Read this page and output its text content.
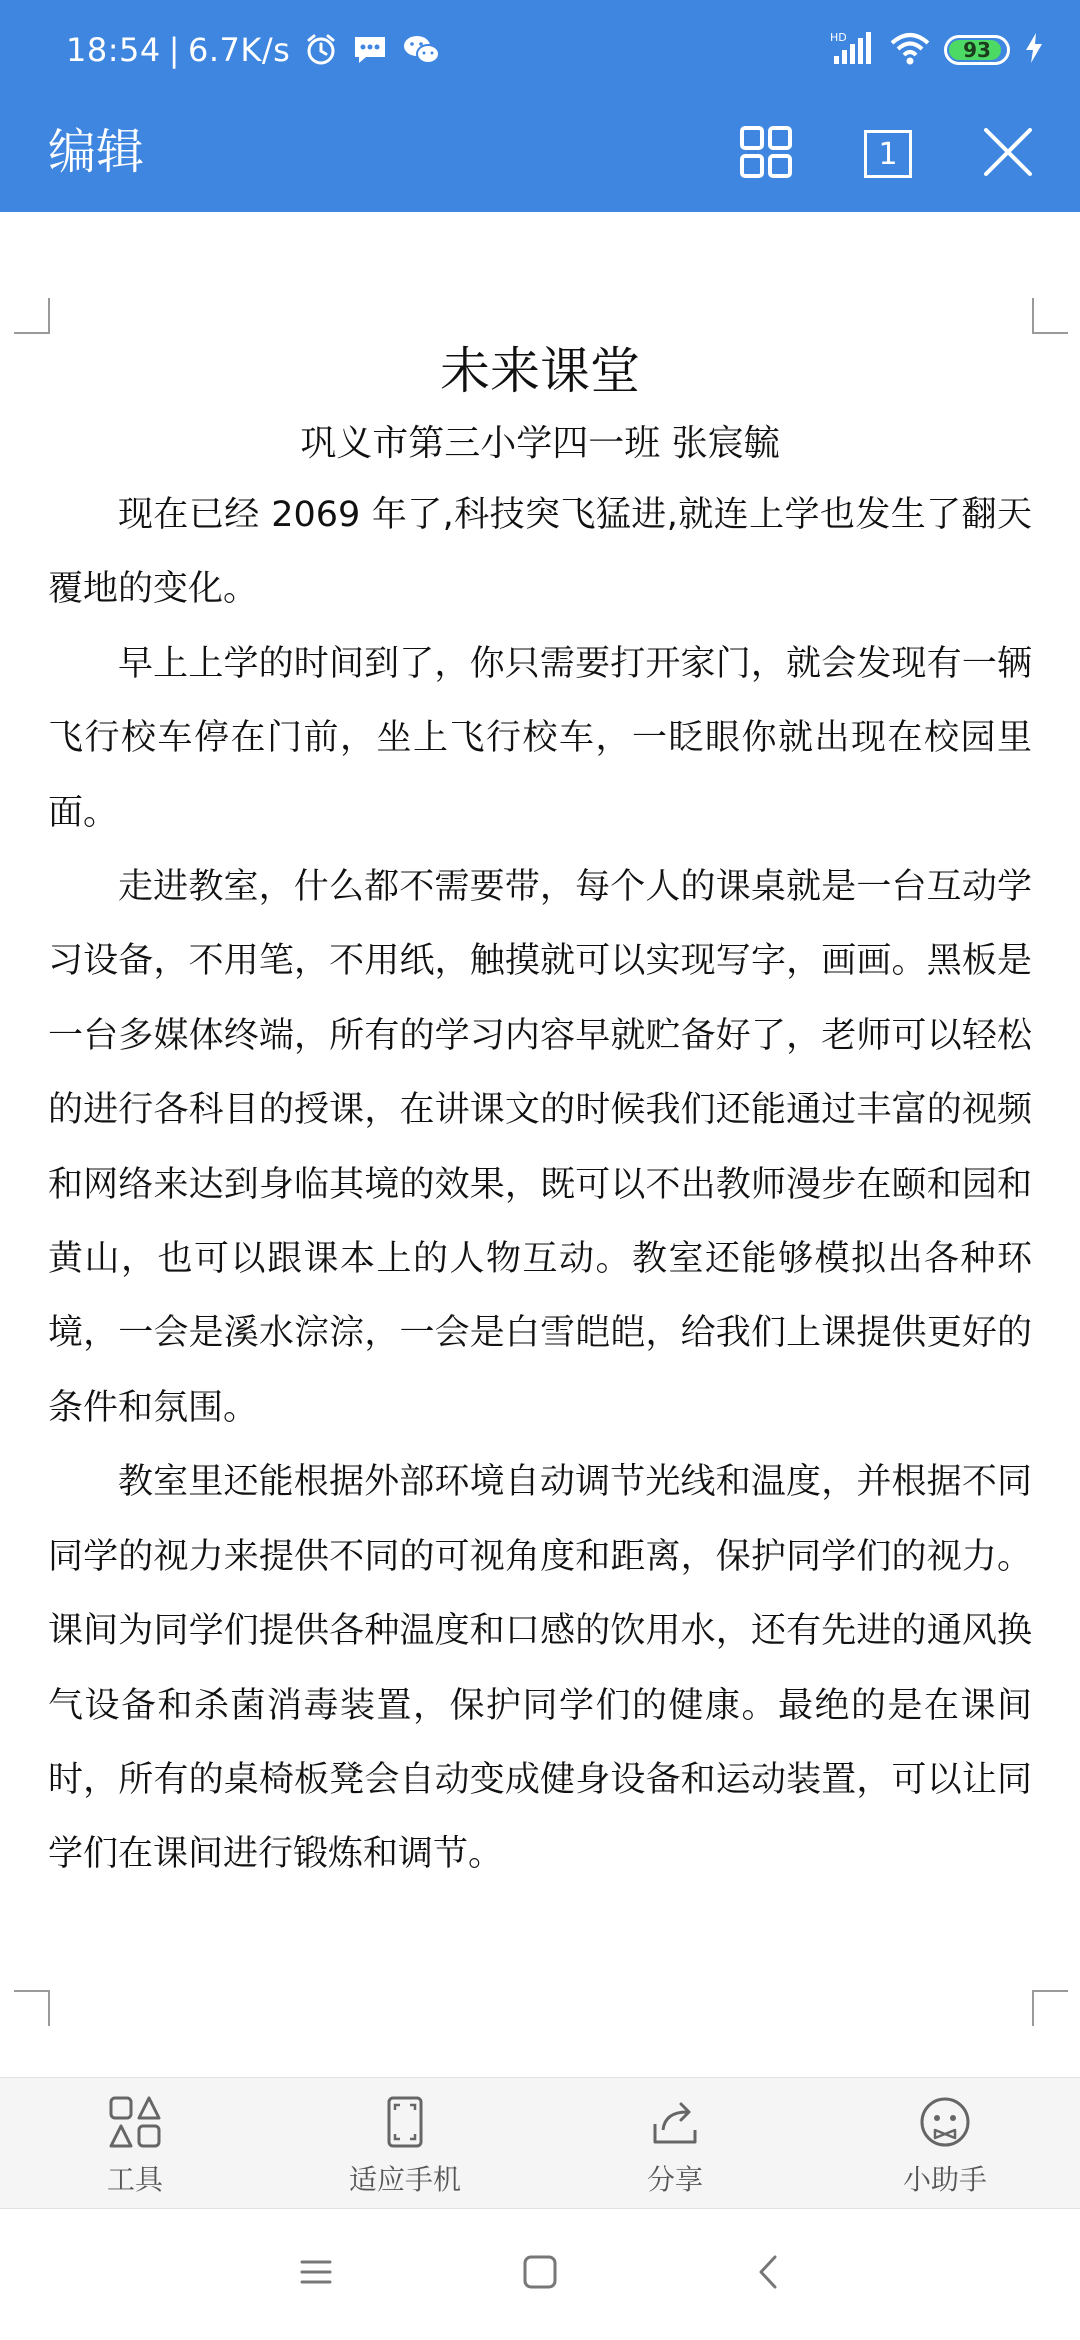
18:54 | 6.7K/s	HD
93
编辑	1
未来课堂
巩义市第三小学四一班 张宸毓

现在已经 2069 年了,科技突飞猛进,就连上学也发生了翻天覆地的变化。

早上上学的时间到了，你只需要打开家门，就会发现有一辆飞行校车停在门前，坐上飞行校车，一眨眼你就出现在校园里面。

走进教室，什么都不需要带，每个人的课桌就是一台互动学习设备，不用笔，不用纸，触摸就可以实现写字，画画。黑板是一台多媒体终端，所有的学习内容早就贮备好了，老师可以轻松的进行各科目的授课，在讲课文的时候我们还能通过丰富的视频和网络来达到身临其境的效果，既可以不出教师漫步在颐和园和黄山，也可以跟课本上的人物互动。教室还能够模拟出各种环境，一会是溪水淙淙，一会是白雪皑皑，给我们上课提供更好的条件和氛围。

教室里还能根据外部环境自动调节光线和温度，并根据不同同学的视力来提供不同的可视角度和距离，保护同学们的视力。课间为同学们提供各种温度和口感的饮用水，还有先进的通风换气设备和杀菌消毒装置，保护同学们的健康。最绝的是在课间时，所有的桌椅板凳会自动变成健身设备和运动装置，可以让同学们在课间进行锻炼和调节。

工具	适应手机	分享	小助手
